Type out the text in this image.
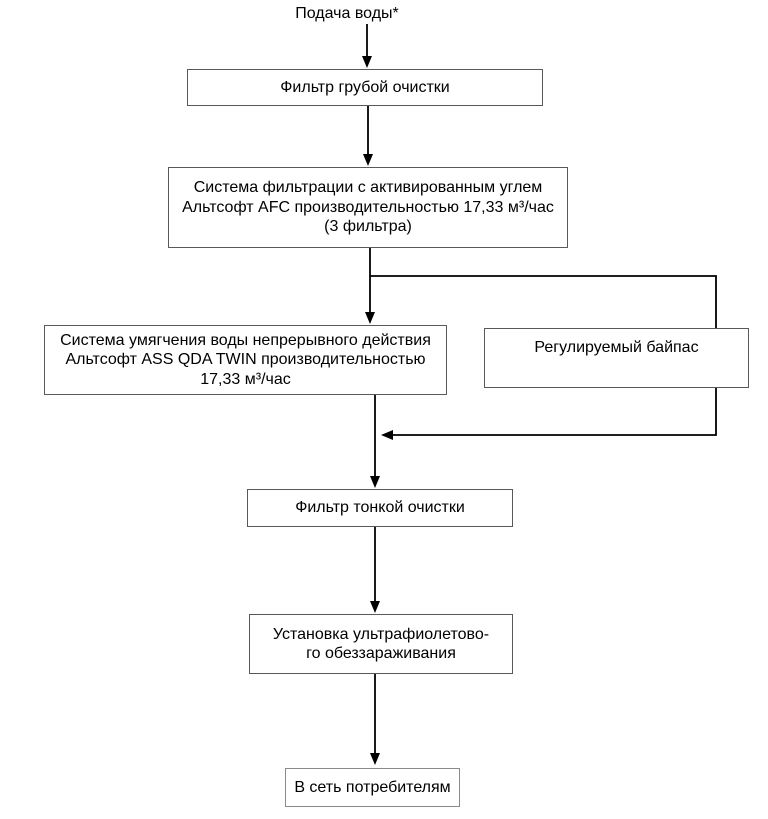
Подача воды*
Фильтр грубой очистки
Система фильтрации с активированным углем
Альтсофт AFC производительностью 17,33 м³/час
(3 фильтра)
Система умягчения воды непрерывного действия
Альтсофт ASS QDA TWIN производительностью
17,33 м³/час
Регулируемый байпас
Фильтр тонкой очистки
Установка ультрафиолетово-
го обеззараживания
В сеть потребителям
